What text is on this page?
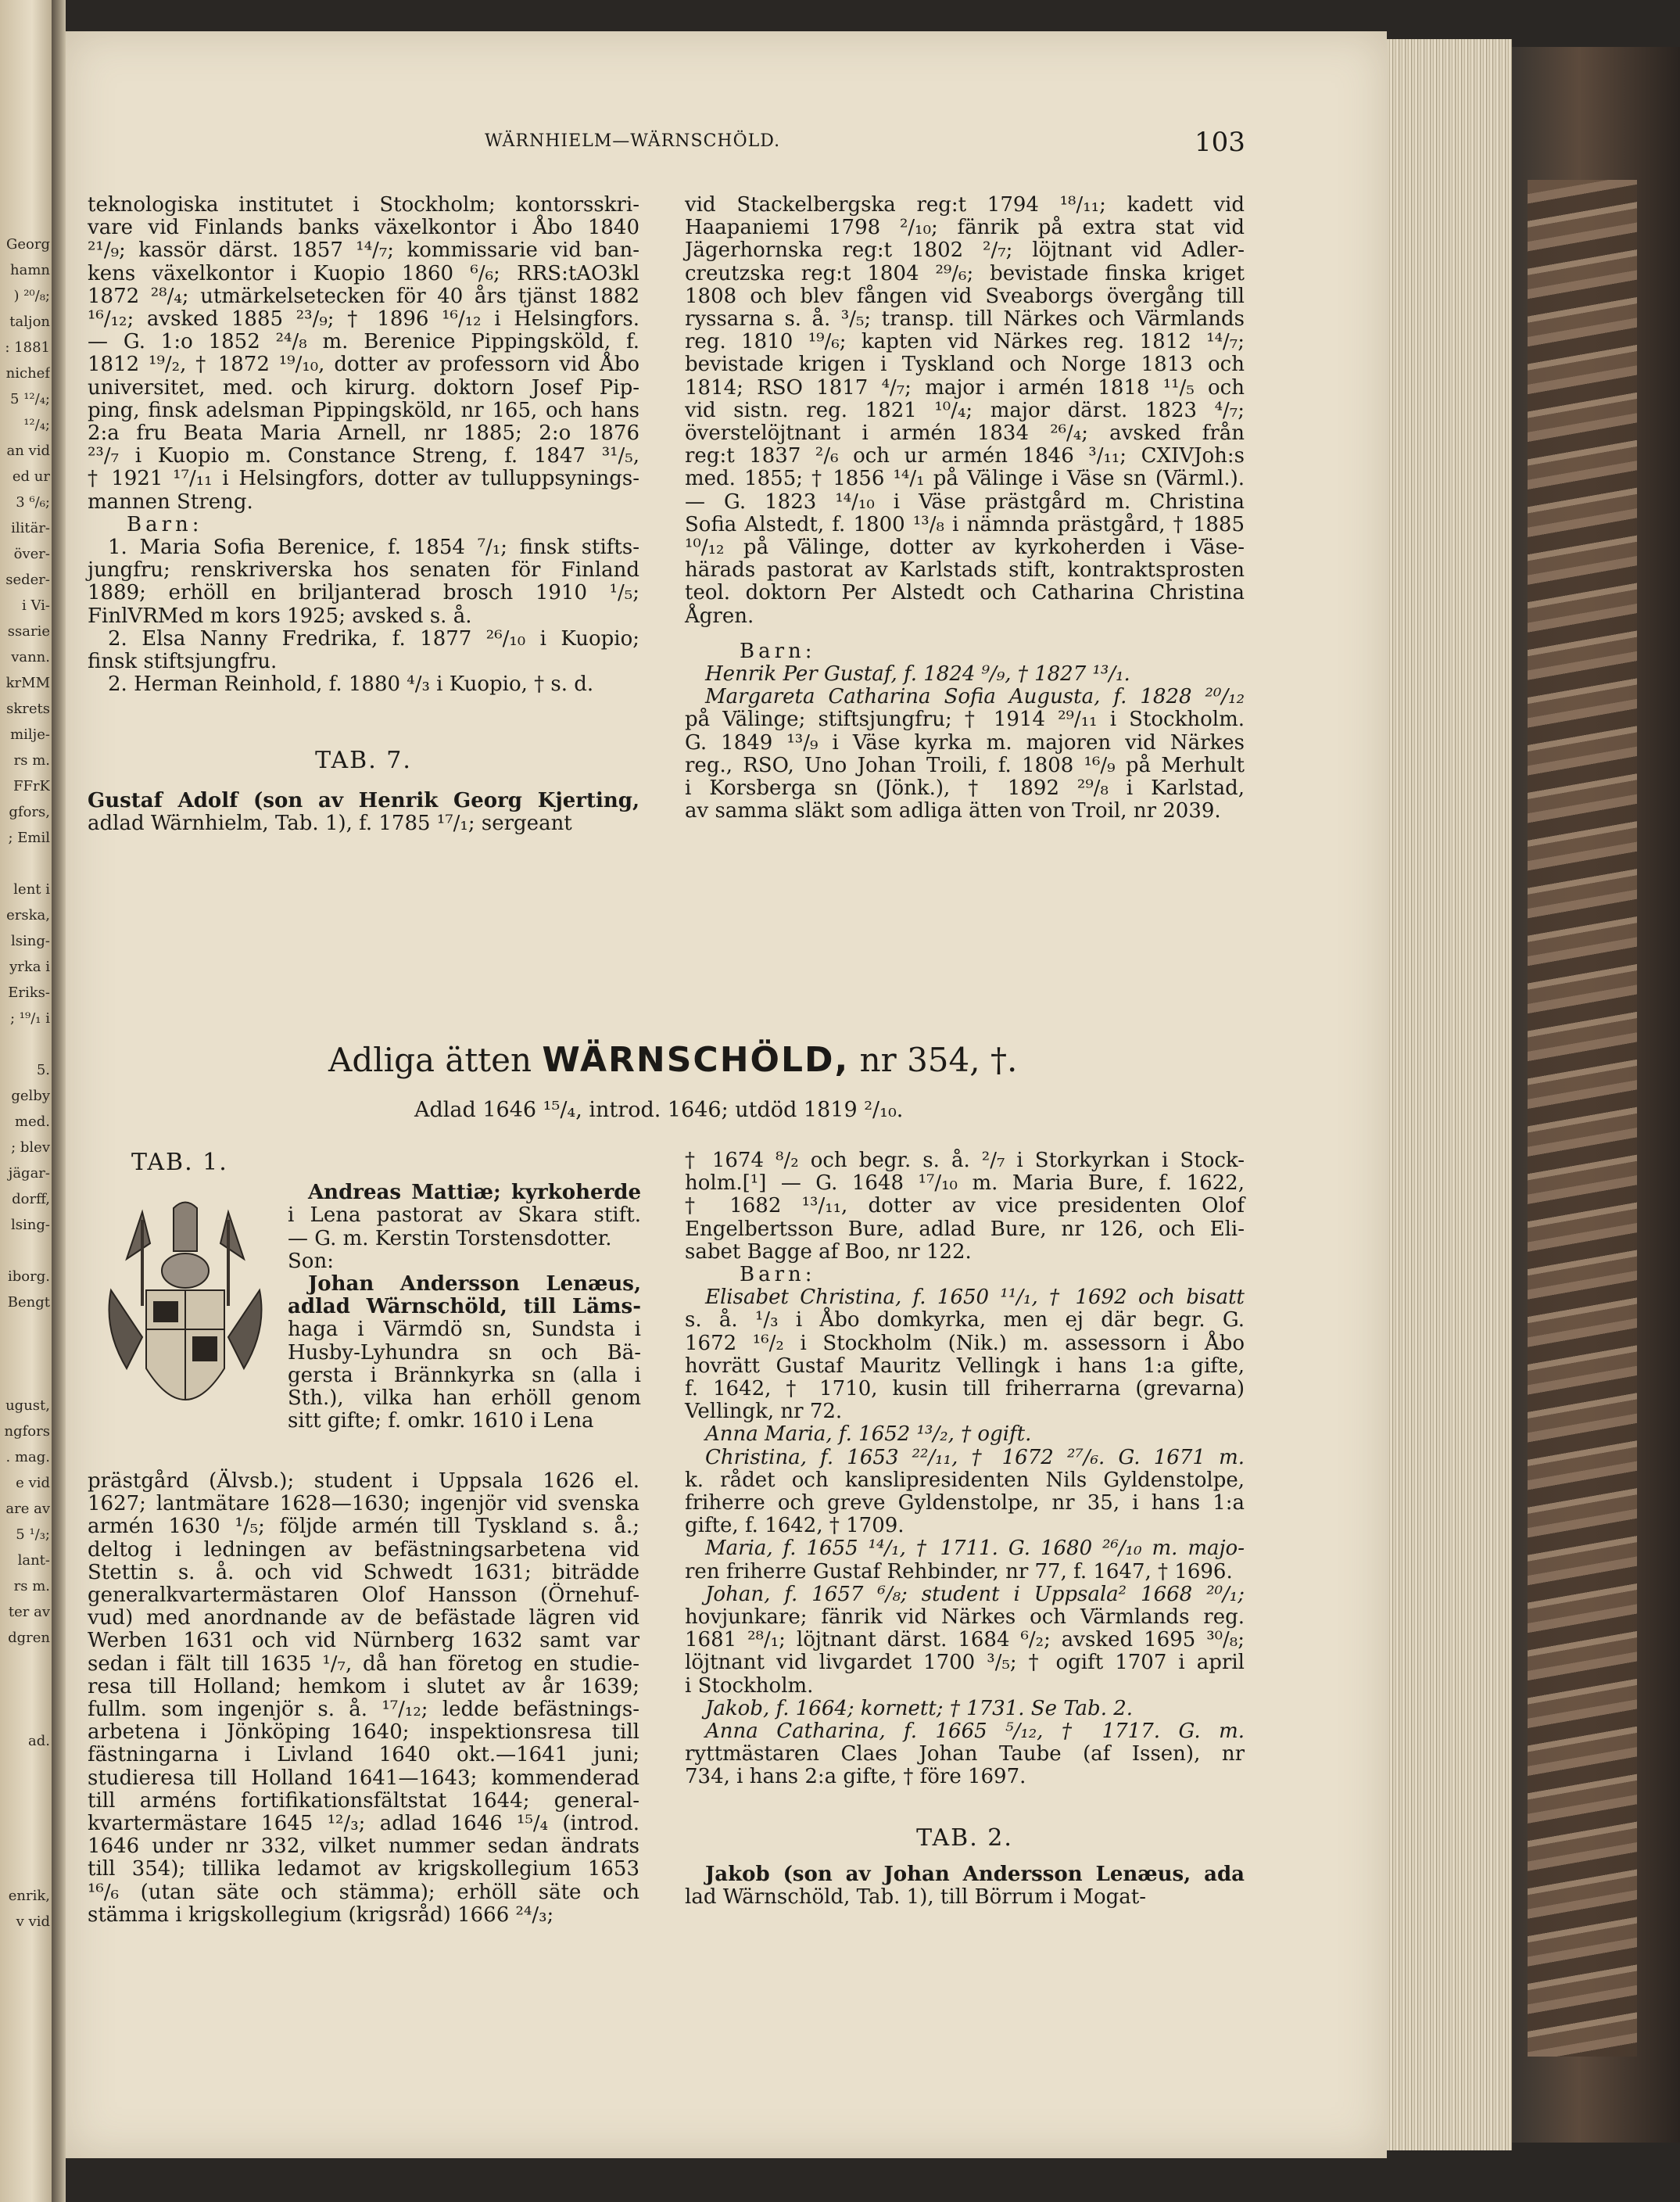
Georg
hamn
) ²⁰/₈;
taljon
: 1881
nichef
5 ¹²/₄;
¹²/₄;
an vid
ed ur
3 ⁶/₆;
ilitär-
över-
seder-
i Vi-
ssarie
vann.
krMM
skrets
milje-
rs m.
FFrK
gfors,
; Emil

lent i
erska,
lsing-
yrka i
Eriks-
; ¹⁹/₁ i

5.
gelby
med.
; blev
jägar-
dorff,
lsing-

iborg.
Bengt

ugust,
ngfors
. mag.
e vid
are av
5 ¹/₃;
lant-
rs m.
ter av
dgren

ad.

enrik,
v vid
WÄRNHIELM—WÄRNSCHÖLD.	103

teknologiska institutet i Stockholm; kontorsskri-

vare vid Finlands banks växelkontor i Åbo 1840

²¹/₉; kassör därst. 1857 ¹⁴/₇; kommissarie vid ban-

kens växelkontor i Kuopio 1860 ⁶/₆; RRS:tAO3kl

1872 ²⁸/₄; utmärkelsetecken för 40 års tjänst 1882

¹⁶/₁₂; avsked 1885 ²³/₉; † 1896 ¹⁶/₁₂ i Helsingfors.

— G. 1:o 1852 ²⁴/₈ m. Berenice Pippingsköld, f.

1812 ¹⁹/₂, † 1872 ¹⁹/₁₀, dotter av professorn vid Åbo

universitet, med. och kirurg. doktorn Josef Pip-

ping, finsk adelsman Pippingsköld, nr 165, och hans

2:a fru Beata Maria Arnell, nr 1885; 2:o 1876

²³/₇ i Kuopio m. Constance Streng, f. 1847 ³¹/₅,

† 1921 ¹⁷/₁₁ i Helsingfors, dotter av tulluppsynings-

mannen Streng.

Barn:

1. Maria Sofia Berenice, f. 1854 ⁷/₁; finsk stifts-

jungfru; renskriverska hos senaten för Finland

1889; erhöll en briljanterad brosch 1910 ¹/₅;

FinlVRMed m kors 1925; avsked s. å.

2. Elsa Nanny Fredrika, f. 1877 ²⁶/₁₀ i Kuopio;

finsk stiftsjungfru.

2. Herman Reinhold, f. 1880 ⁴/₃ i Kuopio, † s. d.

TAB. 7.

Gustaf Adolf (son av Henrik Georg Kjerting,

adlad Wärnhielm, Tab. 1), f. 1785 ¹⁷/₁; sergeant

vid Stackelbergska reg:t 1794 ¹⁸/₁₁; kadett vid

Haapaniemi 1798 ²/₁₀; fänrik på extra stat vid

Jägerhornska reg:t 1802 ²/₇; löjtnant vid Adler-

creutzska reg:t 1804 ²⁹/₆; bevistade finska kriget

1808 och blev fången vid Sveaborgs övergång till

ryssarna s. å. ³/₅; transp. till Närkes och Värmlands

reg. 1810 ¹⁹/₆; kapten vid Närkes reg. 1812 ¹⁴/₇;

bevistade krigen i Tyskland och Norge 1813 och

1814; RSO 1817 ⁴/₇; major i armén 1818 ¹¹/₅ och

vid sistn. reg. 1821 ¹⁰/₄; major därst. 1823 ⁴/₇;

överstelöjtnant i armén 1834 ²⁶/₄; avsked från

reg:t 1837 ²/₆ och ur armén 1846 ³/₁₁; CXIVJoh:s

med. 1855; † 1856 ¹⁴/₁ på Välinge i Väse sn (Värml.).

— G. 1823 ¹⁴/₁₀ i Väse prästgård m. Christina

Sofia Alstedt, f. 1800 ¹³/₈ i nämnda prästgård, † 1885

¹⁰/₁₂ på Välinge, dotter av kyrkoherden i Väse-

härads pastorat av Karlstads stift, kontraktsprosten

teol. doktorn Per Alstedt och Catharina Christina

Ågren.

Barn:

Henrik Per Gustaf, f. 1824 ⁹/₉, † 1827 ¹³/₁.

Margareta Catharina Sofia Augusta, f. 1828 ²⁰/₁₂

på Välinge; stiftsjungfru; † 1914 ²⁹/₁₁ i Stockholm.

G. 1849 ¹³/₉ i Väse kyrka m. majoren vid Närkes

reg., RSO, Uno Johan Troili, f. 1808 ¹⁶/₉ på Merhult

i Korsberga sn (Jönk.), † 1892 ²⁹/₈ i Karlstad,

av samma släkt som adliga ätten von Troil, nr 2039.

Adliga ätten WÄRNSCHÖLD, nr 354, †.
Adlad 1646 ¹⁵/₄, introd. 1646; utdöd 1819 ²/₁₀.

TAB. 1.

Andreas Mattiæ; kyrkoherde

i Lena pastorat av Skara stift.

— G. m. Kerstin Torstensdotter.

Son:

Johan Andersson Lenæus,

adlad Wärnschöld, till Läms-

haga i Värmdö sn, Sundsta i

Husby-Lyhundra sn och Bä-

gersta i Brännkyrka sn (alla i

Sth.), vilka han erhöll genom

sitt gifte; f. omkr. 1610 i Lena

prästgård (Älvsb.); student i Uppsala 1626 el.

1627; lantmätare 1628—1630; ingenjör vid svenska

armén 1630 ¹/₅; följde armén till Tyskland s. å.;

deltog i ledningen av befästningsarbetena vid

Stettin s. å. och vid Schwedt 1631; biträdde

generalkvartermästaren Olof Hansson (Örnehuf-

vud) med anordnande av de befästade lägren vid

Werben 1631 och vid Nürnberg 1632 samt var

sedan i fält till 1635 ¹/₇, då han företog en studie-

resa till Holland; hemkom i slutet av år 1639;

fullm. som ingenjör s. å. ¹⁷/₁₂; ledde befästnings-

arbetena i Jönköping 1640; inspektionsresa till

fästningarna i Livland 1640 okt.—1641 juni;

studieresa till Holland 1641—1643; kommenderad

till arméns fortifikationsfältstat 1644; general-

kvartermästare 1645 ¹²/₃; adlad 1646 ¹⁵/₄ (introd.

1646 under nr 332, vilket nummer sedan ändrats

till 354); tillika ledamot av krigskollegium 1653

¹⁶/₆ (utan säte och stämma); erhöll säte och

stämma i krigskollegium (krigsråd) 1666 ²⁴/₃;

† 1674 ⁸/₂ och begr. s. å. ²/₇ i Storkyrkan i Stock-

holm.[¹] — G. 1648 ¹⁷/₁₀ m. Maria Bure, f. 1622,

† 1682 ¹³/₁₁, dotter av vice presidenten Olof

Engelbertsson Bure, adlad Bure, nr 126, och Eli-

sabet Bagge af Boo, nr 122.

Barn:

Elisabet Christina, f. 1650 ¹¹/₁, † 1692 och bisatt

s. å. ¹/₃ i Åbo domkyrka, men ej där begr. G.

1672 ¹⁶/₂ i Stockholm (Nik.) m. assessorn i Åbo

hovrätt Gustaf Mauritz Vellingk i hans 1:a gifte,

f. 1642, † 1710, kusin till friherrarna (grevarna)

Vellingk, nr 72.

Anna Maria, f. 1652 ¹³/₂, † ogift.

Christina, f. 1653 ²²/₁₁, † 1672 ²⁷/₆. G. 1671 m.

k. rådet och kanslipresidenten Nils Gyldenstolpe,

friherre och greve Gyldenstolpe, nr 35, i hans 1:a

gifte, f. 1642, † 1709.

Maria, f. 1655 ¹⁴/₁, † 1711. G. 1680 ²⁶/₁₀ m. majo-

ren friherre Gustaf Rehbinder, nr 77, f. 1647, † 1696.

Johan, f. 1657 ⁶/₈; student i Uppsala² 1668 ²⁰/₁;

hovjunkare; fänrik vid Närkes och Värmlands reg.

1681 ²⁸/₁; löjtnant därst. 1684 ⁶/₂; avsked 1695 ³⁰/₈;

löjtnant vid livgardet 1700 ³/₅; † ogift 1707 i april

i Stockholm.

Jakob, f. 1664; kornett; † 1731. Se Tab. 2.

Anna Catharina, f. 1665 ⁵/₁₂, † 1717. G. m.

ryttmästaren Claes Johan Taube (af Issen), nr

734, i hans 2:a gifte, † före 1697.

TAB. 2.

Jakob (son av Johan Andersson Lenæus, ada

lad Wärnschöld, Tab. 1), till Börrum i Mogat-
